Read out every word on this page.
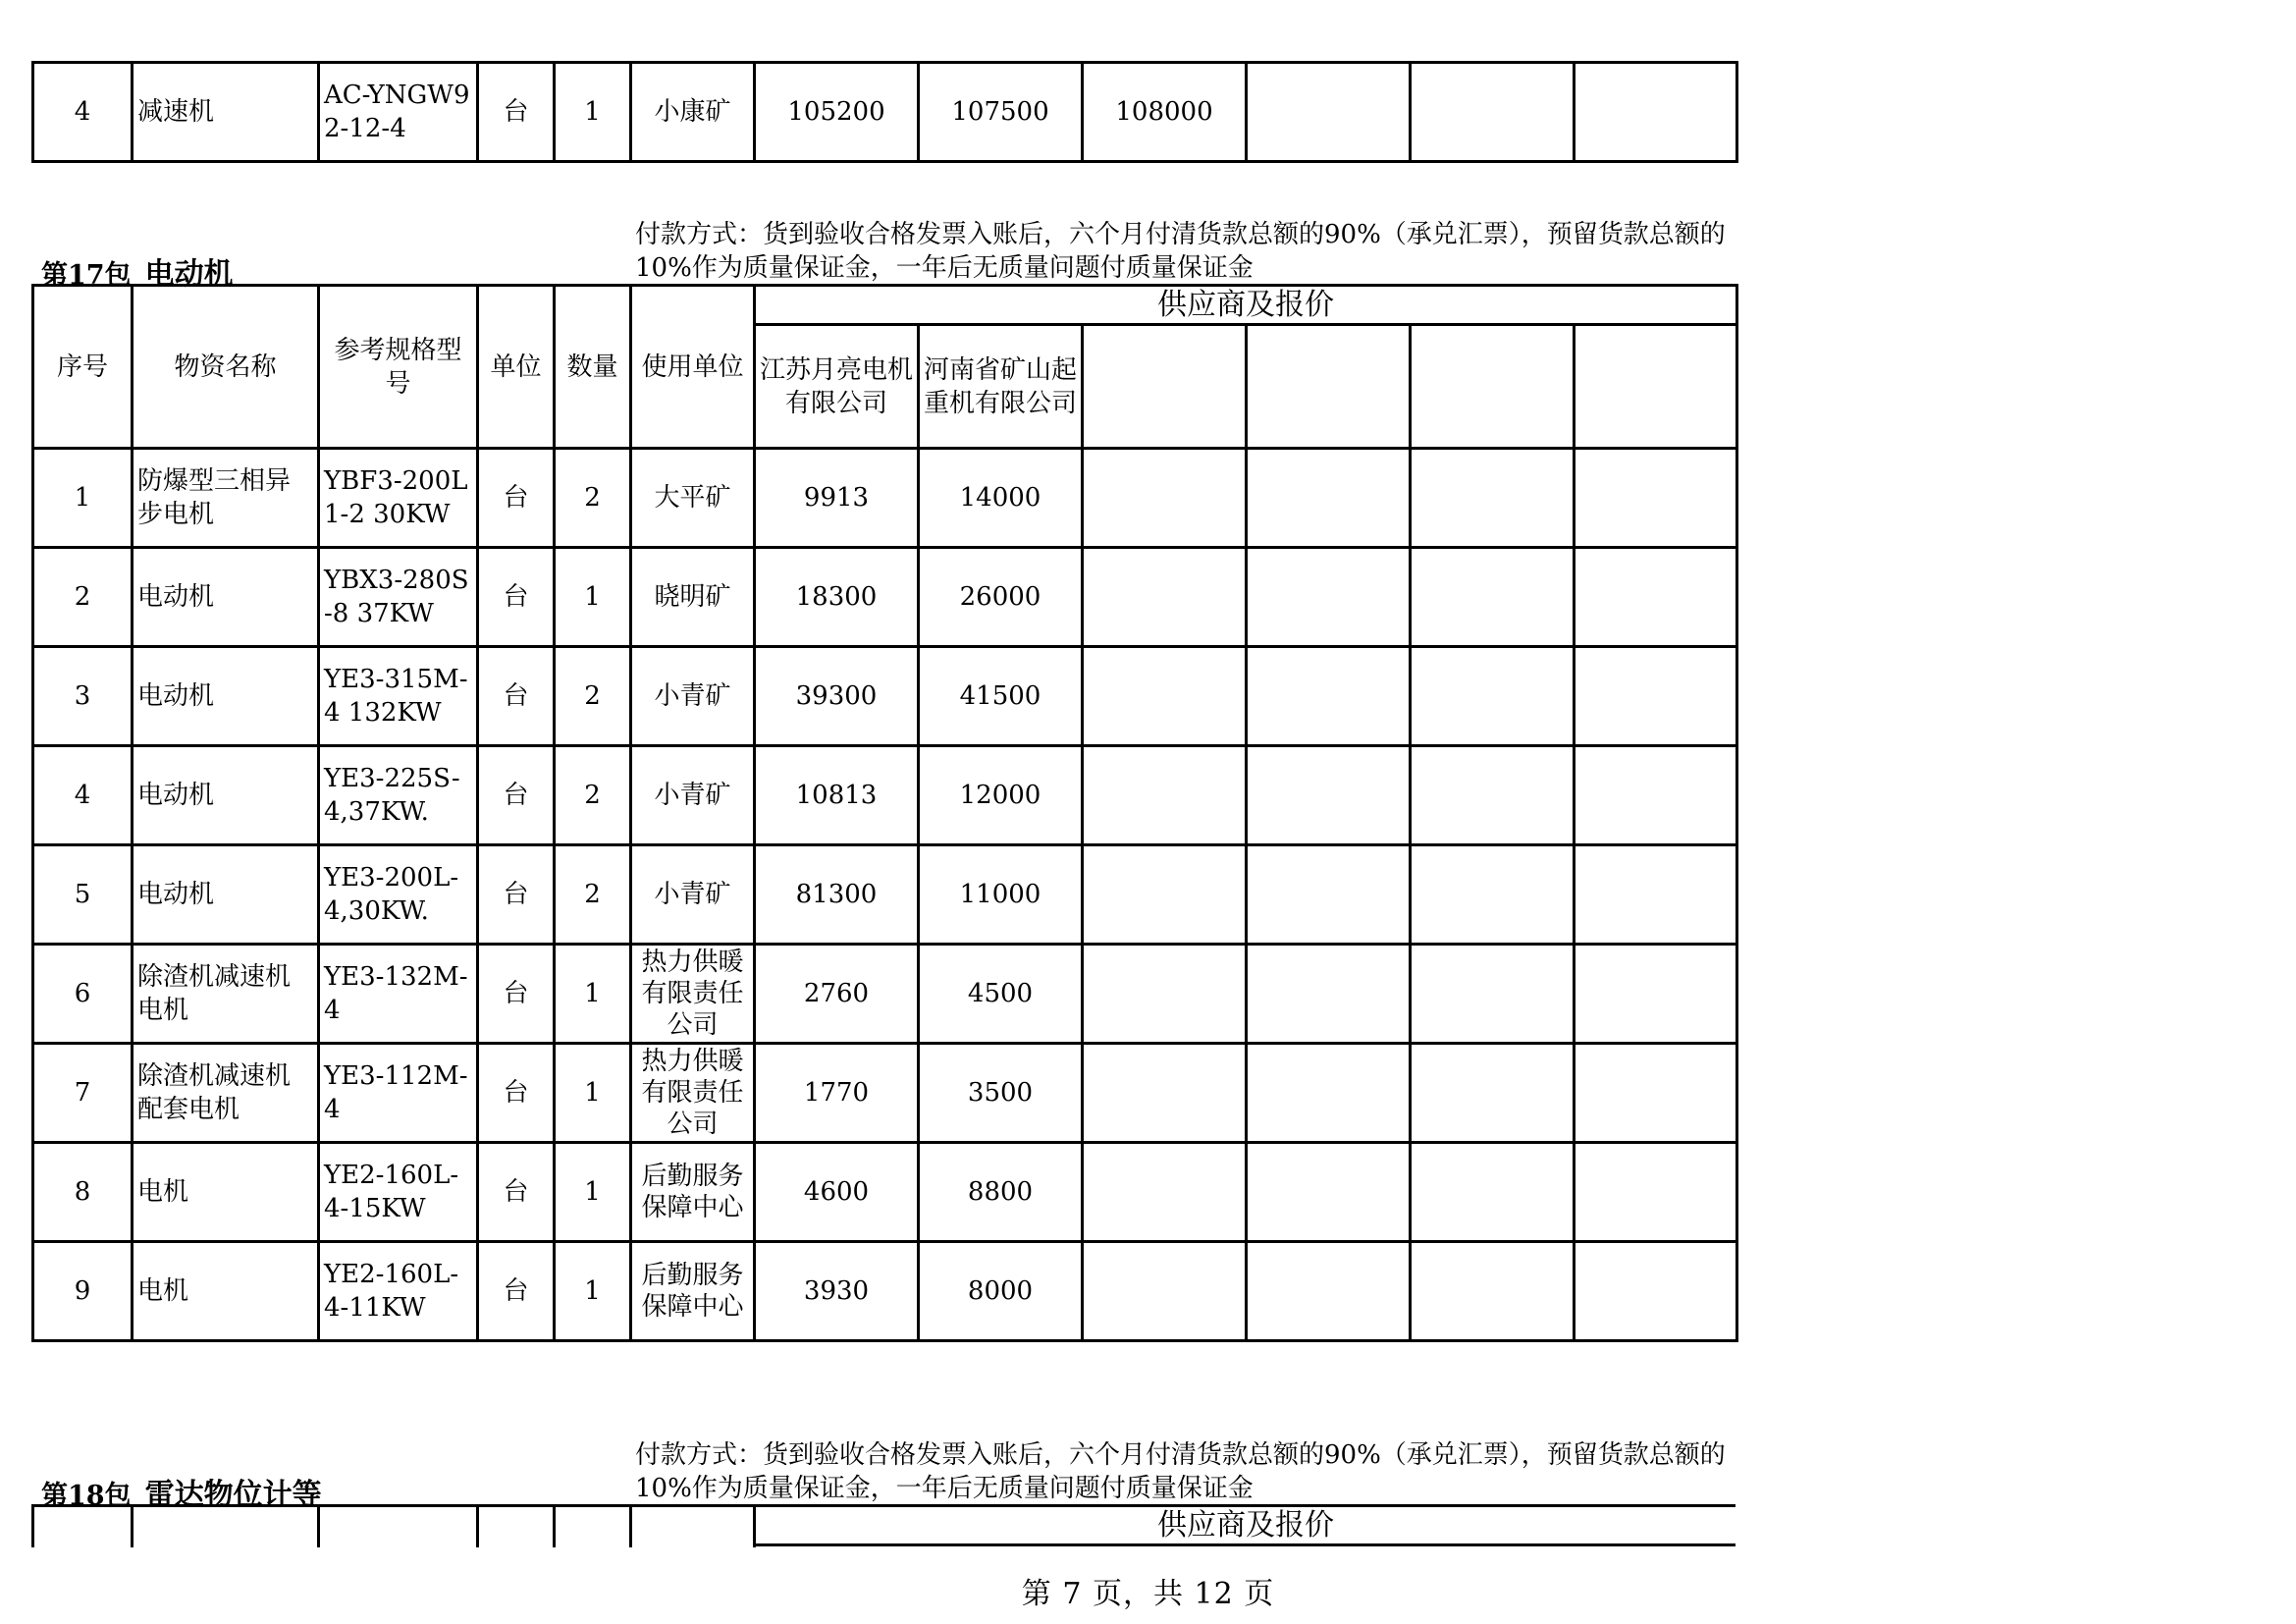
4	减速机	AC-YNGW92-12-4	台	1	小康矿	105200	107500	108000			
第17包 电动机
付款方式：货到验收合格发票入账后，六个月付清货款总额的90%（承兑汇票），预留货款总额的10%作为质量保证金，一年后无质量问题付质量保证金
序号	物资名称	参考规格型号	单位	数量	使用单位	供应商及报价					
						江苏月亮电机有限公司	河南省矿山起重机有限公司				
1	防爆型三相异步电机	YBF3-200L1-2 30KW	台	2	大平矿	9913	14000				
2	电动机	YBX3-280S-8 37KW	台	1	晓明矿	18300	26000				
3	电动机	YE3-315M-4 132KW	台	2	小青矿	39300	41500				
4	电动机	YE3-225S-4,37KW.	台	2	小青矿	10813	12000				
5	电动机	YE3-200L-4,30KW.	台	2	小青矿	81300	11000				
6	除渣机减速机电机	YE3-132M-4	台	1	热力供暖有限责任公司	2760	4500				
7	除渣机减速机配套电机	YE3-112M-4	台	1	热力供暖有限责任公司	1770	3500				
8	电机	YE2-160L-4-15KW	台	1	后勤服务保障中心	4600	8800				
9	电机	YE2-160L-4-11KW	台	1	后勤服务保障中心	3930	8000				
第18包 雷达物位计等
付款方式：货到验收合格发票入账后，六个月付清货款总额的90%（承兑汇票），预留货款总额的10%作为质量保证金，一年后无质量问题付质量保证金
						供应商及报价

第 7 页，共 12 页
